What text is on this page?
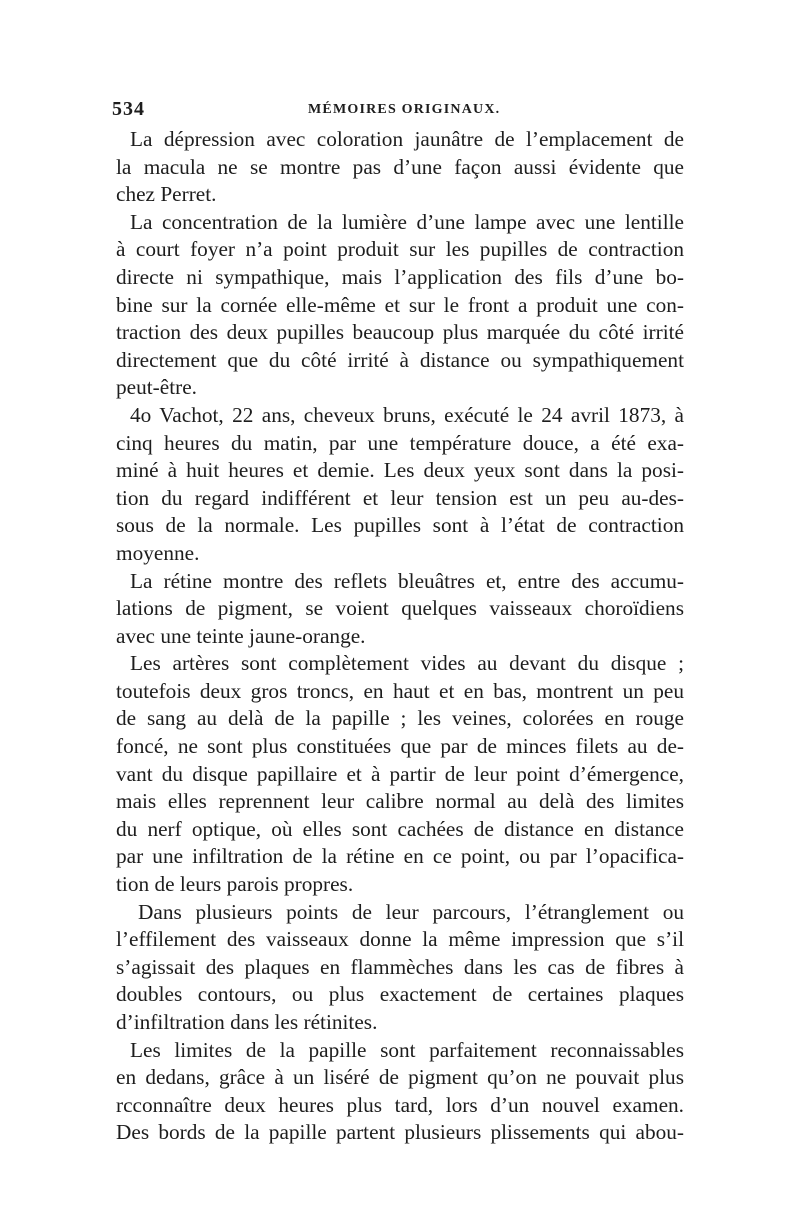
534	MÉMOIRES ORIGINAUX.
La dépression avec coloration jaunâtre de l’emplacement de
la macula ne se montre pas d’une façon aussi évidente que
chez Perret.
La concentration de la lumière d’une lampe avec une lentille
à court foyer n’a point produit sur les pupilles de contraction
directe ni sympathique, mais l’application des fils d’une bo-
bine sur la cornée elle-même et sur le front a produit une con-
traction des deux pupilles beaucoup plus marquée du côté irrité
directement que du côté irrité à distance ou sympathiquement
peut-être.
4o Vachot, 22 ans, cheveux bruns, exécuté le 24 avril 1873, à
cinq heures du matin, par une température douce, a été exa-
miné à huit heures et demie. Les deux yeux sont dans la posi-
tion du regard indifférent et leur tension est un peu au-des-
sous de la normale. Les pupilles sont à l’état de contraction
moyenne.
La rétine montre des reflets bleuâtres et, entre des accumu-
lations de pigment, se voient quelques vaisseaux choroïdiens
avec une teinte jaune-orange.
Les artères sont complètement vides au devant du disque ;
toutefois deux gros troncs, en haut et en bas, montrent un peu
de sang au delà de la papille ; les veines, colorées en rouge
foncé, ne sont plus constituées que par de minces filets au de-
vant du disque papillaire et à partir de leur point d’émergence,
mais elles reprennent leur calibre normal au delà des limites
du nerf optique, où elles sont cachées de distance en distance
par une infiltration de la rétine en ce point, ou par l’opacifica-
tion de leurs parois propres.
Dans plusieurs points de leur parcours, l’étranglement ou
l’effilement des vaisseaux donne la même impression que s’il
s’agissait des plaques en flammèches dans les cas de fibres à
doubles contours, ou plus exactement de certaines plaques
d’infiltration dans les rétinites.
Les limites de la papille sont parfaitement reconnaissables
en dedans, grâce à un liséré de pigment qu’on ne pouvait plus
rcconnaître deux heures plus tard, lors d’un nouvel examen.
Des bords de la papille partent plusieurs plissements qui abou-
